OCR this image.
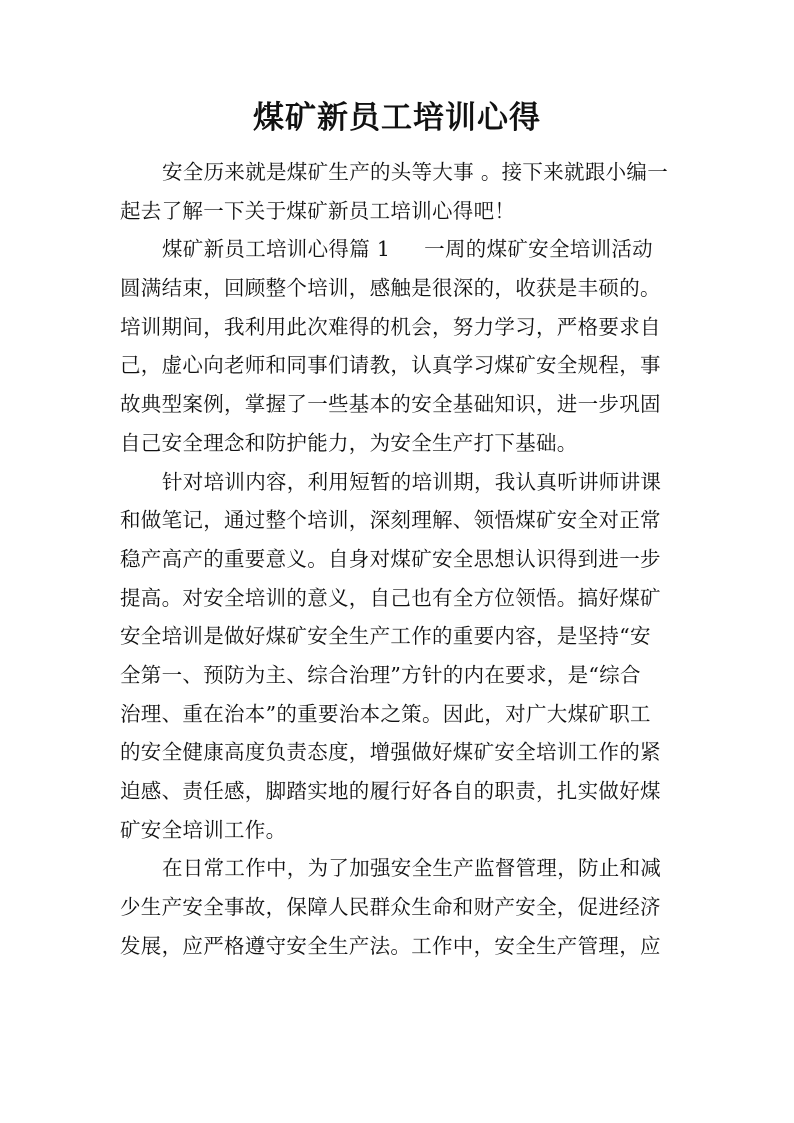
煤矿新员工培训心得
安全历来就是煤矿生产的头等大事 。接下来就跟小编一
起去了解一下关于煤矿新员工培训心得吧！
煤矿新员工培训心得篇 1 一周的煤矿安全培训活动
圆满结束，回顾整个培训，感触是很深的，收获是丰硕的。
培训期间，我利用此次难得的机会，努力学习，严格要求自
己，虚心向老师和同事们请教，认真学习煤矿安全规程，事
故典型案例，掌握了一些基本的安全基础知识，进一步巩固
自己安全理念和防护能力，为安全生产打下基础。
针对培训内容，利用短暂的培训期，我认真听讲师讲课
和做笔记，通过整个培训，深刻理解、领悟煤矿安全对正常
稳产高产的重要意义。自身对煤矿安全思想认识得到进一步
提高。对安全培训的意义，自己也有全方位领悟。搞好煤矿
安全培训是做好煤矿安全生产工作的重要内容，是坚持“安
全第一、预防为主、综合治理”方针的内在要求，是“综合
治理、重在治本”的重要治本之策。因此，对广大煤矿职工
的安全健康高度负责态度，增强做好煤矿安全培训工作的紧
迫感、责任感，脚踏实地的履行好各自的职责，扎实做好煤
矿安全培训工作。
在日常工作中，为了加强安全生产监督管理，防止和减
少生产安全事故，保障人民群众生命和财产安全，促进经济
发展，应严格遵守安全生产法。工作中，安全生产管理，应
